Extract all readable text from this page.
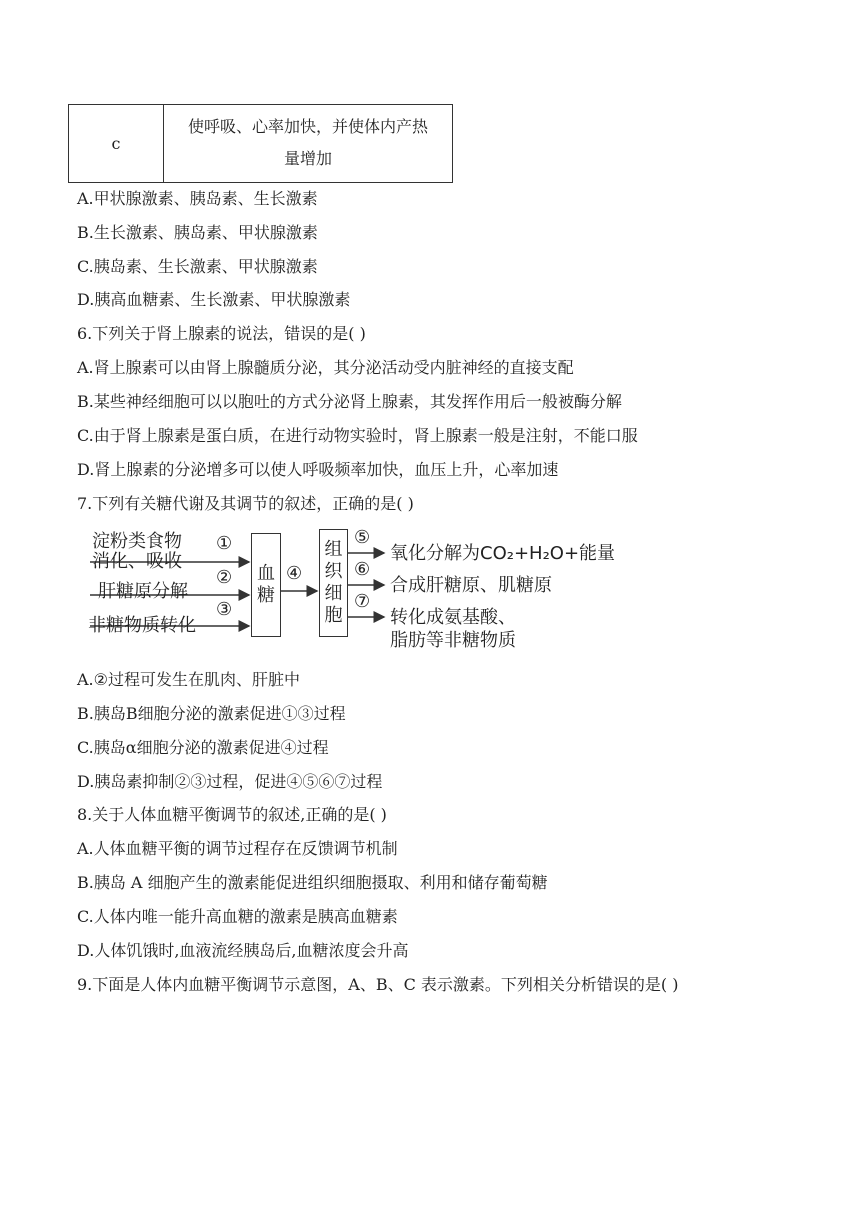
c
使呼吸、心率加快，并使体内产热
量增加
A.甲状腺激素、胰岛素、生长激素
B.生长激素、胰岛素、甲状腺激素
C.胰岛素、生长激素、甲状腺激素
D.胰高血糖素、生长激素、甲状腺激素
6.下列关于肾上腺素的说法，错误的是( )
A.肾上腺素可以由肾上腺髓质分泌，其分泌活动受内脏神经的直接支配
B.某些神经细胞可以以胞吐的方式分泌肾上腺素，其发挥作用后一般被酶分解
C.由于肾上腺素是蛋白质，在进行动物实验时，肾上腺素一般是注射，不能口服
D.肾上腺素的分泌增多可以使人呼吸频率加快，血压上升，心率加速
7.下列有关糖代谢及其调节的叙述，正确的是( )
淀粉类食物
消化、吸收
肝糖原分解
非糖物质转化
①
②
③
④
血
糖
组
织
细
胞
⑤
⑥
⑦
氧化分解为CO₂+H₂O+能量
合成肝糖原、肌糖原
转化成氨基酸、
脂肪等非糖物质
A.②过程可发生在肌肉、肝脏中
B.胰岛B细胞分泌的激素促进①③过程
C.胰岛α细胞分泌的激素促进④过程
D.胰岛素抑制②③过程，促进④⑤⑥⑦过程
8.关于人体血糖平衡调节的叙述,正确的是( )
A.人体血糖平衡的调节过程存在反馈调节机制
B.胰岛 A 细胞产生的激素能促进组织细胞摄取、利用和储存葡萄糖
C.人体内唯一能升高血糖的激素是胰高血糖素
D.人体饥饿时,血液流经胰岛后,血糖浓度会升高
9.下面是人体内血糖平衡调节示意图，A、B、C 表示激素。下列相关分析错误的是( )
